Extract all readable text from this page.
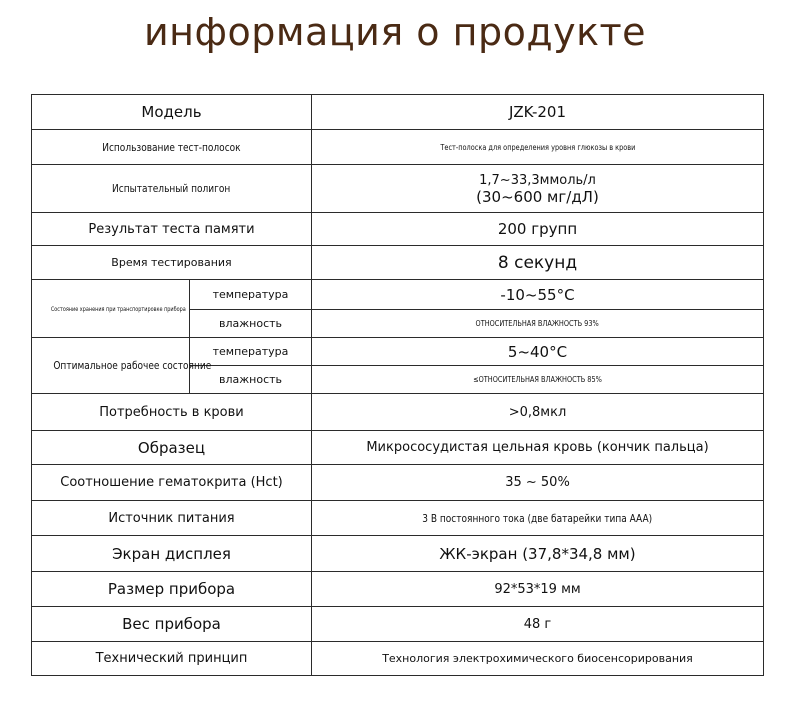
информация о продукте
Модель		JZK-201
Использование тест-полосок		Тест-полоска для определения уровня глюкозы в крови
Испытательный полигон		1,7~33,3ммоль/л
(30~600 мг/дЛ)

Результат теста памяти		200 групп
Время тестирования		8 секунд
Состояние хранения при транспортировке прибора	температура	-10~55°C
	влажность	ОТНОСИТЕЛЬНАЯ ВЛАЖНОСТЬ 93%
Оптимальное рабочее состояние	температура	5~40°C
	влажность	≤ОТНОСИТЕЛЬНАЯ ВЛАЖНОСТЬ 85%
Потребность в крови		>0,8мкл
Образец		Микрососудистая цельная кровь (кончик пальца)
Соотношение гематокрита (Hct)		35 ~ 50%
Источник питания		3 В постоянного тока (две батарейки типа AAA)
Экран дисплея		ЖК-экран (37,8*34,8 мм)
Размер прибора		92*53*19 мм
Вес прибора		48 г
Технический принцип		Технология электрохимического биосенсорирования
